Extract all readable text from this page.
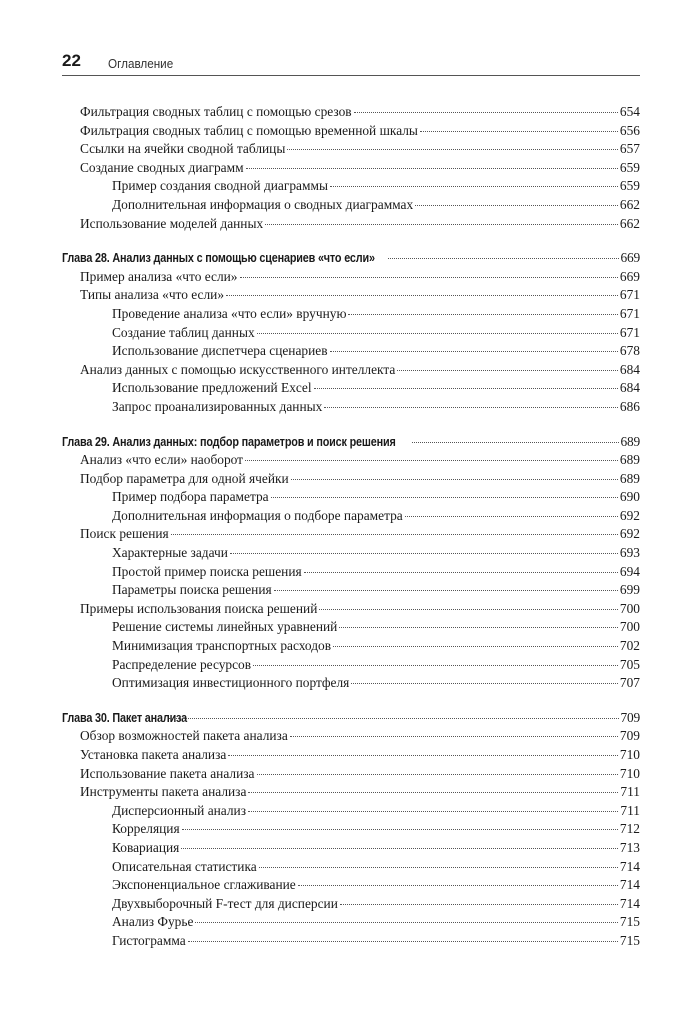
22	Оглавление
Фильтрация сводных таблиц с помощью срезов	654
Фильтрация сводных таблиц с помощью временной шкалы	656
Ссылки на ячейки сводной таблицы	657
Создание сводных диаграмм	659
Пример создания сводной диаграммы	659
Дополнительная информация о сводных диаграммах	662
Использование моделей данных	662
Глава 28. Анализ данных с помощью сценариев «что если»	669
Пример анализа «что если»	669
Типы анализа «что если»	671
Проведение анализа «что если» вручную	671
Создание таблиц данных	671
Использование диспетчера сценариев	678
Анализ данных с помощью искусственного интеллекта	684
Использование предложений Excel	684
Запрос проанализированных данных	686
Глава 29. Анализ данных: подбор параметров и поиск решения	689
Анализ «что если» наоборот	689
Подбор параметра для одной ячейки	689
Пример подбора параметра	690
Дополнительная информация о подборе параметра	692
Поиск решения	692
Характерные задачи	693
Простой пример поиска решения	694
Параметры поиска решения	699
Примеры использования поиска решений	700
Решение системы линейных уравнений	700
Минимизация транспортных расходов	702
Распределение ресурсов	705
Оптимизация инвестиционного портфеля	707
Глава 30. Пакет анализа	709
Обзор возможностей пакета анализа	709
Установка пакета анализа	710
Использование пакета анализа	710
Инструменты пакета анализа	711
Дисперсионный анализ	711
Корреляция	712
Ковариация	713
Описательная статистика	714
Экспоненциальное сглаживание	714
Двухвыборочный F-тест для дисперсии	714
Анализ Фурье	715
Гистограмма	715
